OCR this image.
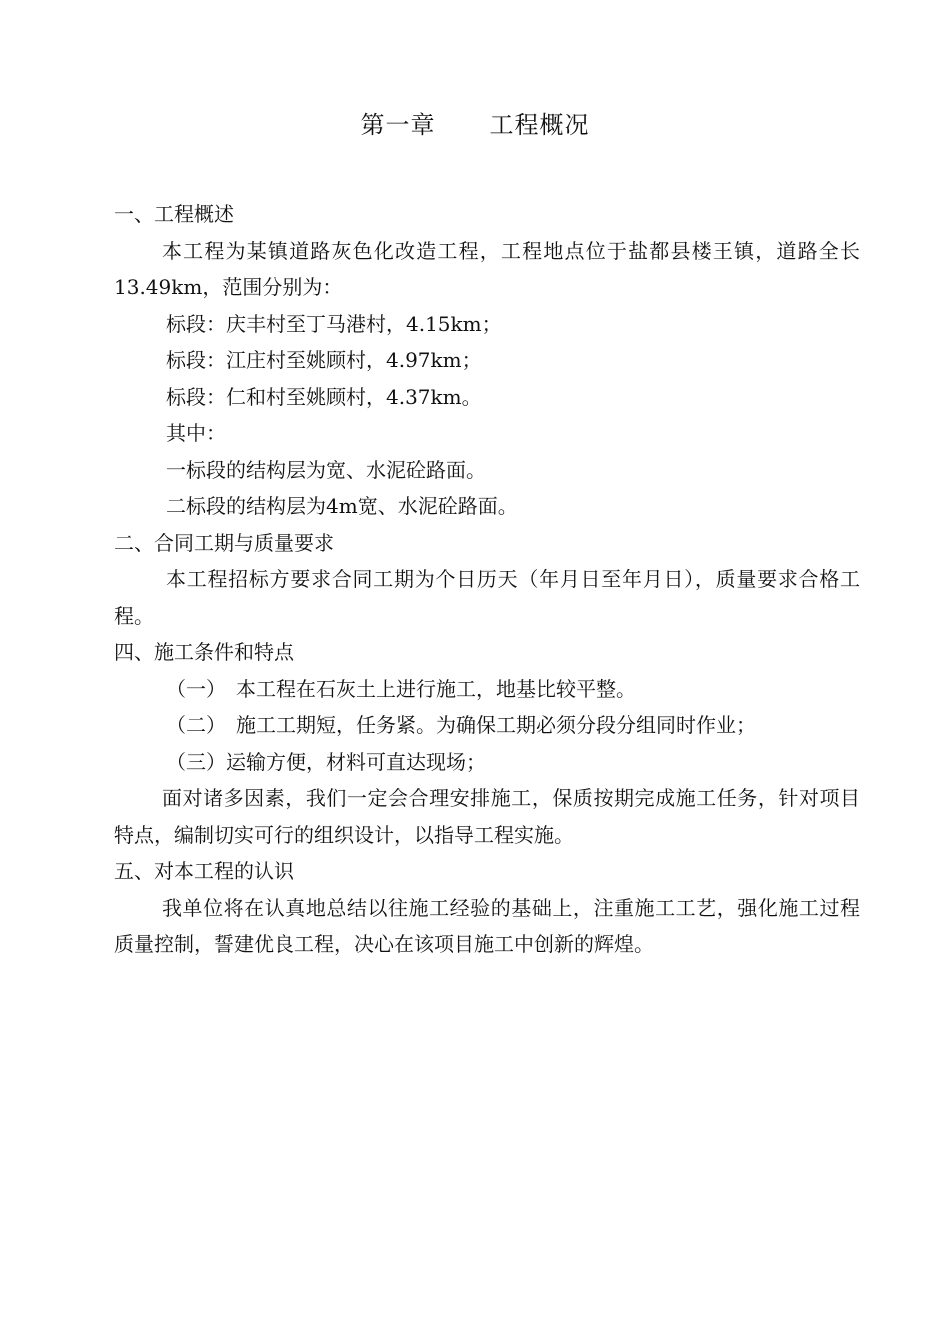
第一章 工程概况

一、工程概述

本工程为某镇道路灰色化改造工程，工程地点位于盐都县楼王镇，道路全长13.49km，范围分别为：

标段：庆丰村至丁马港村，4.15km；

标段：江庄村至姚顾村，4.97km；

标段：仁和村至姚顾村，4.37km。

其中：

一标段的结构层为宽、水泥砼路面。

二标段的结构层为4m宽、水泥砼路面。

二、合同工期与质量要求

本工程招标方要求合同工期为个日历天（年月日至年月日），质量要求合格工程。

四、施工条件和特点

（一）　本工程在石灰土上进行施工，地基比较平整。

（二）　施工工期短，任务紧。为确保工期必须分段分组同时作业；

（三）运输方便，材料可直达现场；

面对诸多因素，我们一定会合理安排施工，保质按期完成施工任务，针对项目特点，编制切实可行的组织设计，以指导工程实施。

五、对本工程的认识

我单位将在认真地总结以往施工经验的基础上，注重施工工艺，强化施工过程质量控制，誓建优良工程，决心在该项目施工中创新的辉煌。
